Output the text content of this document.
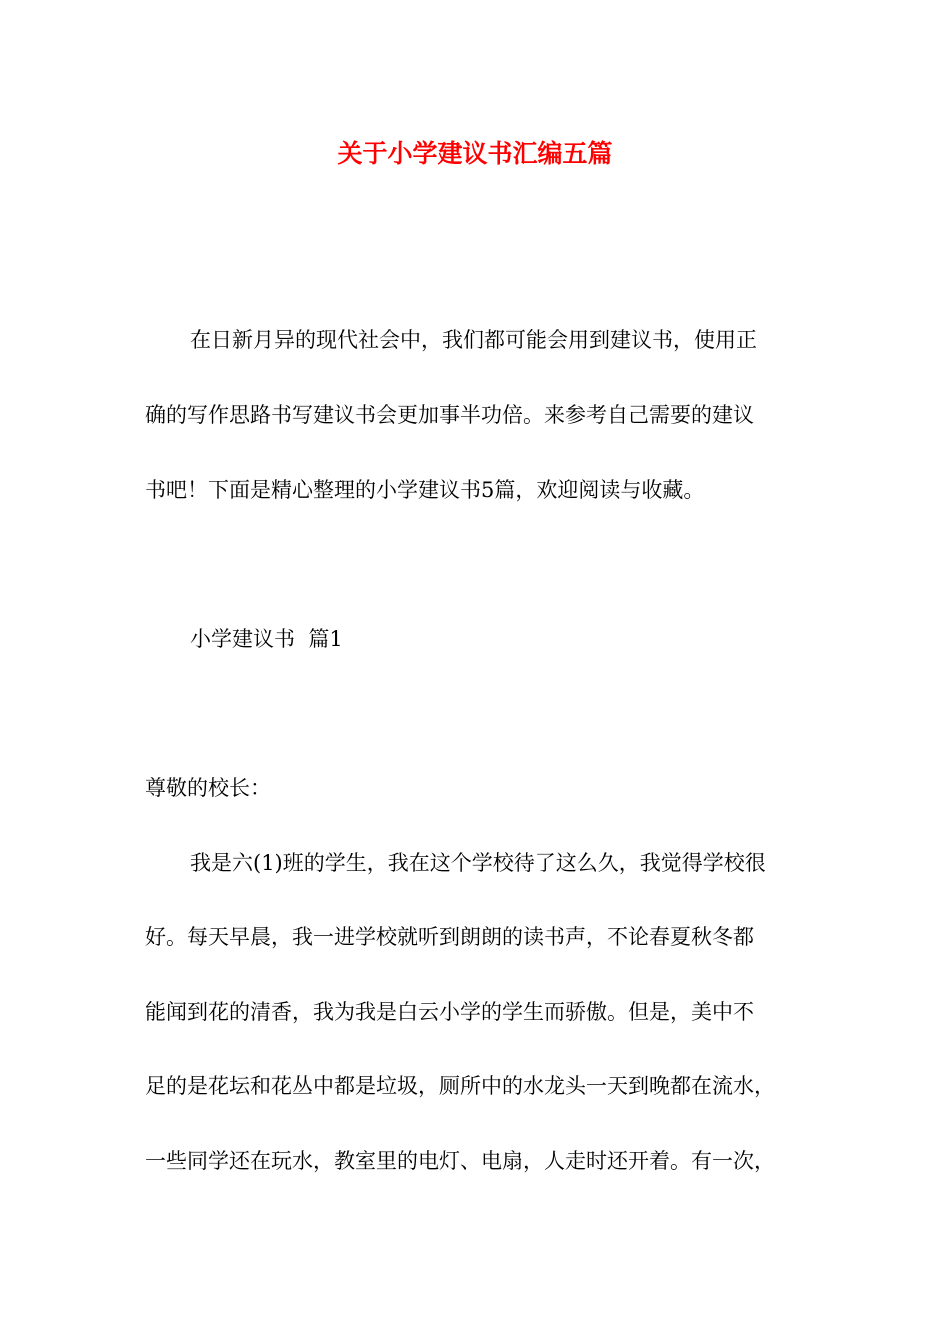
关于小学建议书汇编五篇
在日新月异的现代社会中，我们都可能会用到建议书，使用正
确的写作思路书写建议书会更加事半功倍。来参考自己需要的建议
书吧！下面是精心整理的小学建议书5篇，欢迎阅读与收藏。
小学建议书  篇1
尊敬的校长：
我是六(1)班的学生，我在这个学校待了这么久，我觉得学校很
好。每天早晨，我一进学校就听到朗朗的读书声，不论春夏秋冬都
能闻到花的清香，我为我是白云小学的学生而骄傲。但是，美中不
足的是花坛和花丛中都是垃圾，厕所中的水龙头一天到晚都在流水，
一些同学还在玩水，教室里的电灯、电扇，人走时还开着。有一次，
